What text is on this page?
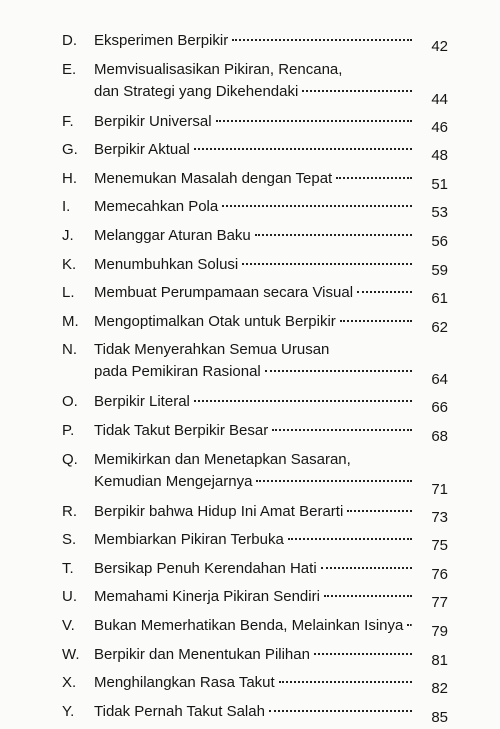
D.	Eksperimen Berpikir	42
E.	Memvisualisasikan Pikiran, Rencana,
dan Strategi yang Dikehendaki	44
F.	Berpikir Universal	46
G.	Berpikir Aktual	48
H.	Menemukan Masalah dengan Tepat	51
I.	Memecahkan Pola	53
J.	Melanggar Aturan Baku	56
K.	Menumbuhkan Solusi	59
L.	Membuat Perumpamaan secara Visual	61
M.	Mengoptimalkan Otak untuk Berpikir	62
N.	Tidak Menyerahkan Semua Urusan
pada Pemikiran Rasional	64
O.	Berpikir Literal	66
P.	Tidak Takut Berpikir Besar	68
Q.	Memikirkan dan Menetapkan Sasaran,
Kemudian Mengejarnya	71
R.	Berpikir bahwa Hidup Ini Amat Berarti	73
S.	Membiarkan Pikiran Terbuka	75
T.	Bersikap Penuh Kerendahan Hati	76
U.	Memahami Kinerja Pikiran Sendiri	77
V.	Bukan Memerhatikan Benda, Melainkan Isinya	79
W. Berpikir dan Menentukan Pilihan	81
X.	Menghilangkan Rasa Takut	82
Y.	Tidak Pernah Takut Salah	85
